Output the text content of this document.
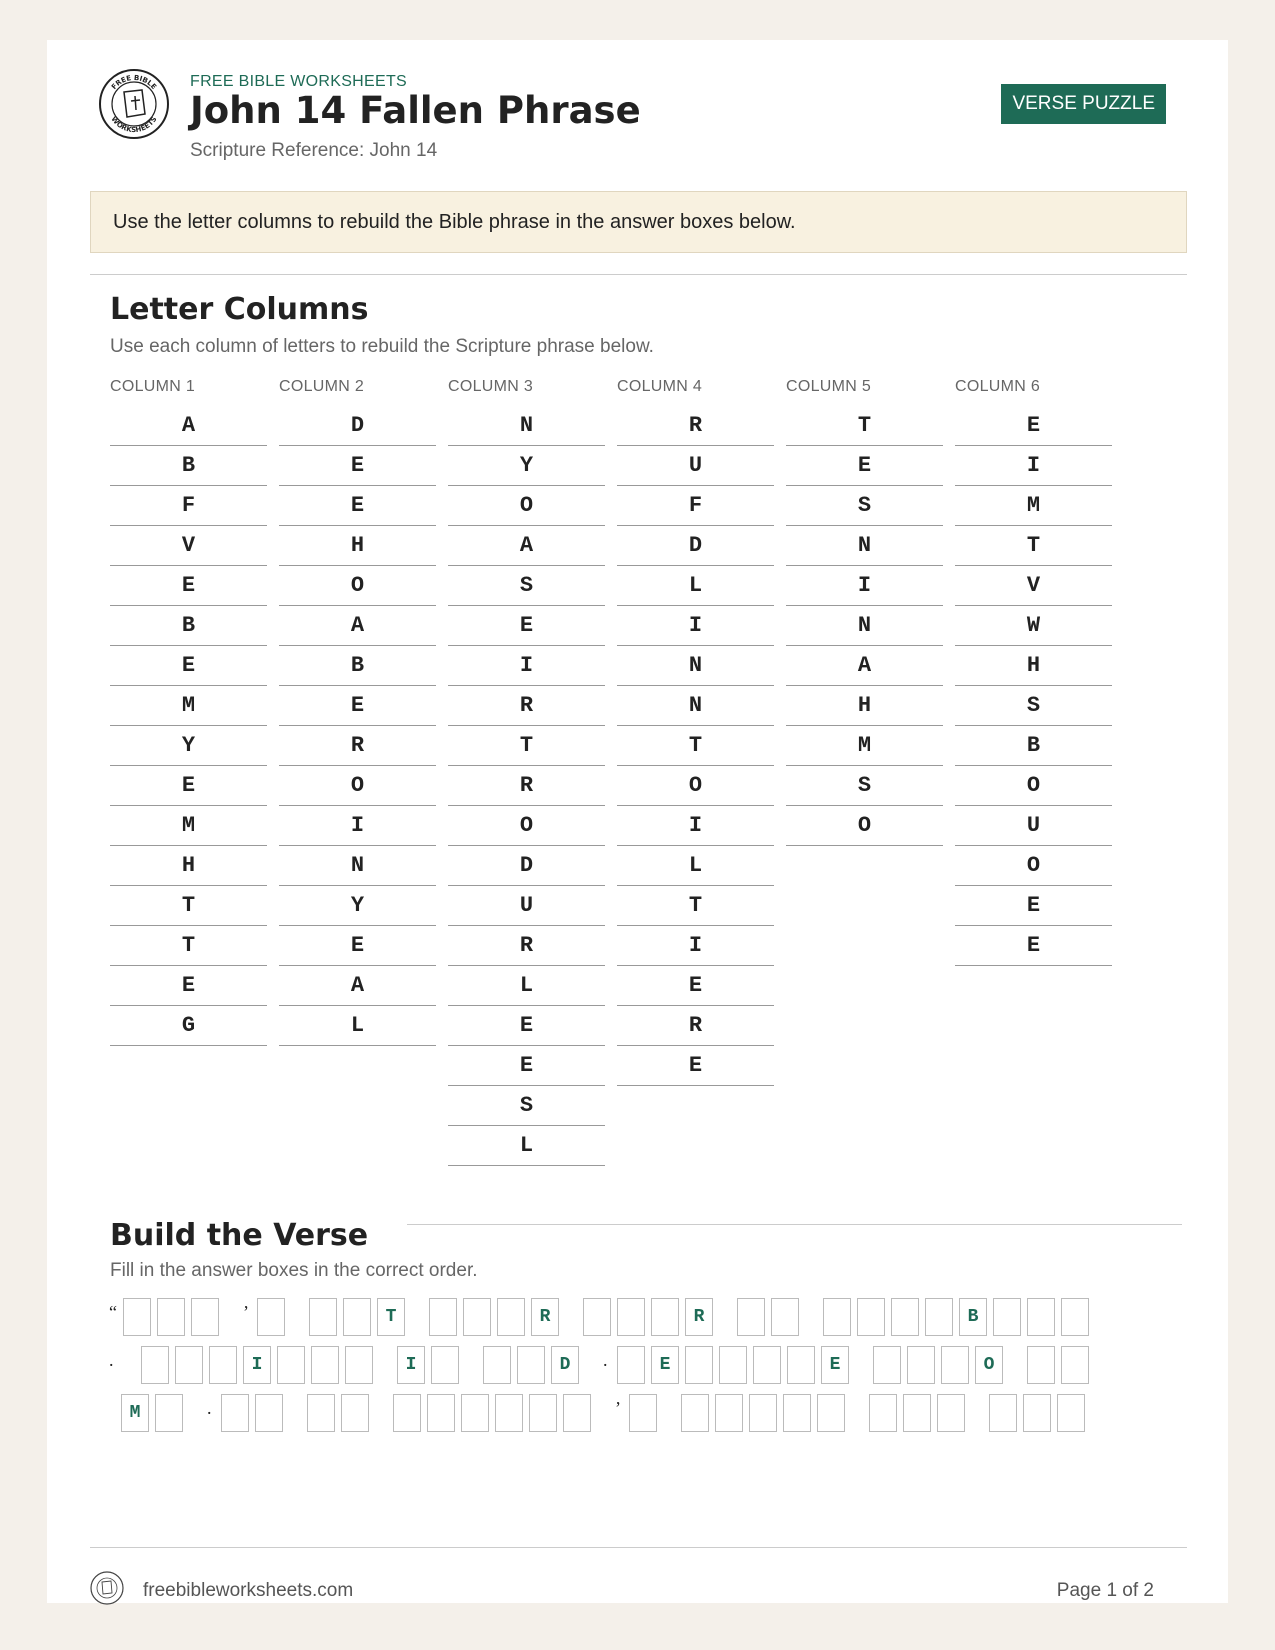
FREE BIBLE
WORKSHEETS
FREE BIBLE WORKSHEETS
John 14 Fallen Phrase
Scripture Reference: John 14
VERSE PUZZLE
Use the letter columns to rebuild the Bible phrase in the answer boxes below.
Letter Columns
Use each column of letters to rebuild the Scripture phrase below.
COLUMN 1
A
B
F
V
E
B
E
M
Y
E
M
H
T
T
E
G
COLUMN 2
D
E
E
H
O
A
B
E
R
O
I
N
Y
E
A
L
COLUMN 3
N
Y
O
A
S
E
I
R
T
R
O
D
U
R
L
E
E
S
L
COLUMN 4
R
U
F
D
L
I
N
N
T
O
I
L
T
I
E
R
E
COLUMN 5
T
E
S
N
I
N
A
H
M
S
O
COLUMN 6
E
I
M
T
V
W
H
S
B
O
U
O
E
E
Build the Verse
Fill in the answer boxes in the correct order.
“	’	T	R	R	B
.	I	I	D	.	E	E	O
M	.	’
freebibleworksheets.com	Page 1 of 2
